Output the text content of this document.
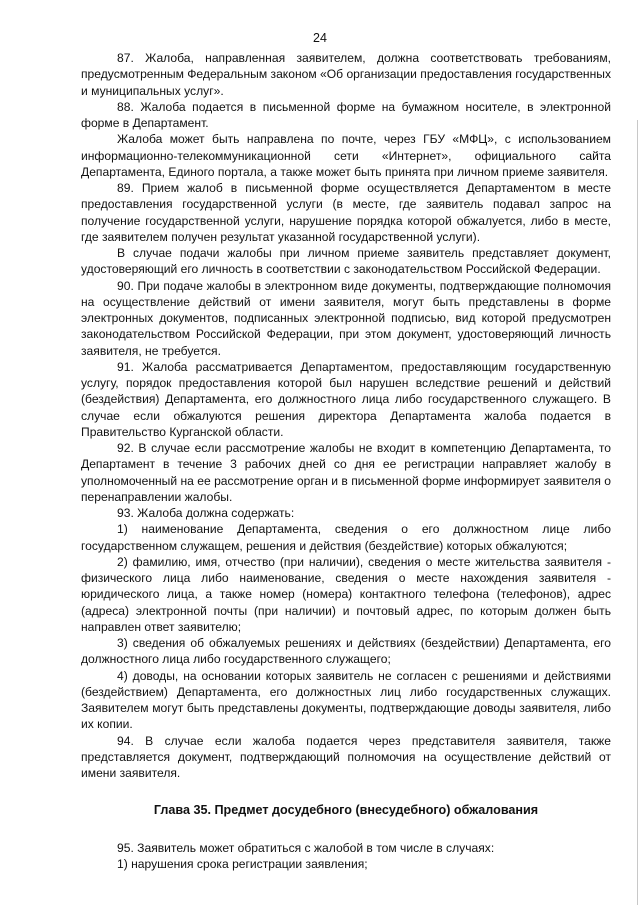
24

87. Жалоба, направленная заявителем, должна соответствовать требованиям, предусмотренным Федеральным законом «Об организации предоставления государственных и муниципальных услуг».

88. Жалоба подается в письменной форме на бумажном носителе, в электронной форме в Департамент.

Жалоба может быть направлена по почте, через ГБУ «МФЦ», с использованием информационно-телекоммуникационной сети «Интернет», официального сайта Департамента, Единого портала, а также может быть принята при личном приеме заявителя.

89. Прием жалоб в письменной форме осуществляется Департаментом в месте предоставления государственной услуги (в месте, где заявитель подавал запрос на получение государственной услуги, нарушение порядка которой обжалуется, либо в месте, где заявителем получен результат указанной государственной услуги).

В случае подачи жалобы при личном приеме заявитель представляет документ, удостоверяющий его личность в соответствии с законодательством Российской Федерации.

90. При подаче жалобы в электронном виде документы, подтверждающие полномочия на осуществление действий от имени заявителя, могут быть представлены в форме электронных документов, подписанных электронной подписью, вид которой предусмотрен законодательством Российской Федерации, при этом документ, удостоверяющий личность заявителя, не требуется.

91. Жалоба рассматривается Департаментом, предоставляющим государственную услугу, порядок предоставления которой был нарушен вследствие решений и действий (бездействия) Департамента, его должностного лица либо государственного служащего. В случае если обжалуются решения директора Департамента жалоба подается в Правительство Курганской области.

92. В случае если рассмотрение жалобы не входит в компетенцию Департамента, то Департамент в течение 3 рабочих дней со дня ее регистрации направляет жалобу в уполномоченный на ее рассмотрение орган и в письменной форме информирует заявителя о перенаправлении жалобы.

93. Жалоба должна содержать:

1) наименование Департамента, сведения о его должностном лице либо государственном служащем, решения и действия (бездействие) которых обжалуются;

2) фамилию, имя, отчество (при наличии), сведения о месте жительства заявителя - физического лица либо наименование, сведения о месте нахождения заявителя - юридического лица, а также номер (номера) контактного телефона (телефонов), адрес (адреса) электронной почты (при наличии) и почтовый адрес, по которым должен быть направлен ответ заявителю;

3) сведения об обжалуемых решениях и действиях (бездействии) Департамента, его должностного лица либо государственного служащего;

4) доводы, на основании которых заявитель не согласен с решениями и действиями (бездействием) Департамента, его должностных лиц либо государственных служащих. Заявителем могут быть представлены документы, подтверждающие доводы заявителя, либо их копии.

94. В случае если жалоба подается через представителя заявителя, также представляется документ, подтверждающий полномочия на осуществление действий от имени заявителя.

Глава 35. Предмет досудебного (внесудебного) обжалования

95. Заявитель может обратиться с жалобой в том числе в случаях:

1) нарушения срока регистрации заявления;
